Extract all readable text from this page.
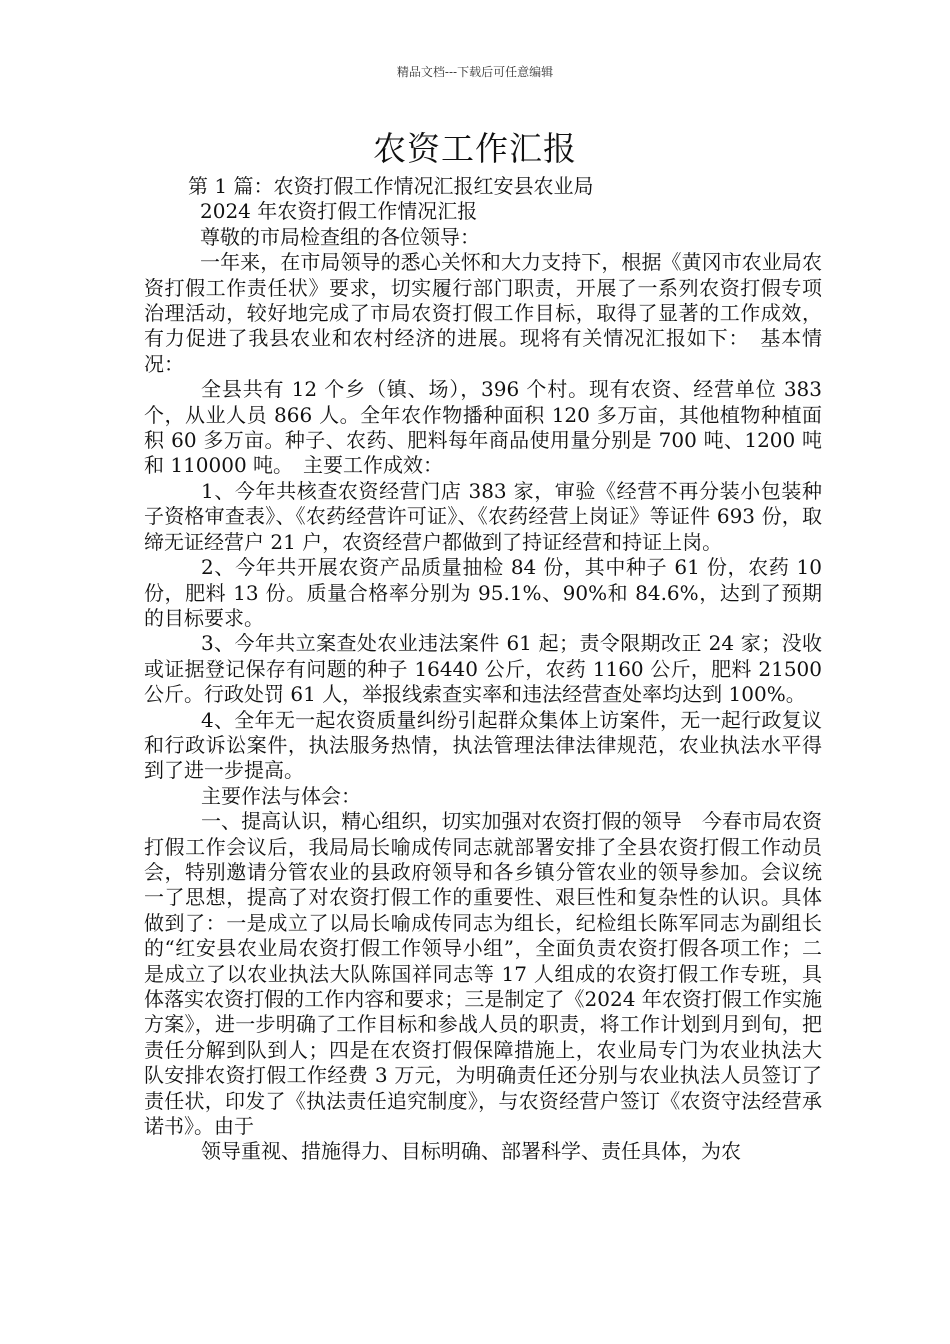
精品文档---下载后可任意编辑
农资工作汇报

第 1 篇：农资打假工作情况汇报红安县农业局

2024 年农资打假工作情况汇报

尊敬的市局检查组的各位领导：

一年来，在市局领导的悉心关怀和大力支持下，根据《黄冈市农业局农资打假工作责任状》要求，切实履行部门职责，开展了一系列农资打假专项治理活动，较好地完成了市局农资打假工作目标，取得了显著的工作成效，有力促进了我县农业和农村经济的进展。现将有关情况汇报如下：　基本情况：

全县共有 12 个乡（镇、场），396 个村。现有农资、经营单位 383 个，从业人员 866 人。全年农作物播种面积 120 多万亩，其他植物种植面积 60 多万亩。种子、农药、肥料每年商品使用量分别是 700 吨、1200 吨和 110000 吨。　主要工作成效：

1、今年共核查农资经营门店 383 家，审验《经营不再分装小包装种子资格审查表》、《农药经营许可证》、《农药经营上岗证》等证件 693 份，取缔无证经营户 21 户，农资经营户都做到了持证经营和持证上岗。

2、今年共开展农资产品质量抽检 84 份，其中种子 61 份，农药 10 份，肥料 13 份。质量合格率分别为 95.1%、90%和 84.6%，达到了预期的目标要求。

3、今年共立案查处农业违法案件 61 起；责令限期改正 24 家；没收或证据登记保存有问题的种子 16440 公斤，农药 1160 公斤，肥料 21500 公斤。行政处罚 61 人，举报线索查实率和违法经营查处率均达到 100%。

4、全年无一起农资质量纠纷引起群众集体上访案件，无一起行政复议和行政诉讼案件，执法服务热情，执法管理法律法律规范，农业执法水平得到了进一步提高。

主要作法与体会：

一、提高认识，精心组织，切实加强对农资打假的领导　今春市局农资打假工作会议后，我局局长喻成传同志就部署安排了全县农资打假工作动员会，特别邀请分管农业的县政府领导和各乡镇分管农业的领导参加。会议统一了思想，提高了对农资打假工作的重要性、艰巨性和复杂性的认识。具体做到了：一是成立了以局长喻成传同志为组长，纪检组长陈军同志为副组长的“红安县农业局农资打假工作领导小组”，全面负责农资打假各项工作；二是成立了以农业执法大队陈国祥同志等 17 人组成的农资打假工作专班，具体落实农资打假的工作内容和要求；三是制定了《2024 年农资打假工作实施方案》，进一步明确了工作目标和参战人员的职责，将工作计划到月到旬，把责任分解到队到人；四是在农资打假保障措施上，农业局专门为农业执法大队安排农资打假工作经费 3 万元，为明确责任还分别与农业执法人员签订了责任状，印发了《执法责任追究制度》，与农资经营户签订《农资守法经营承诺书》。由于

领导重视、措施得力、目标明确、部署科学、责任具体，为农
